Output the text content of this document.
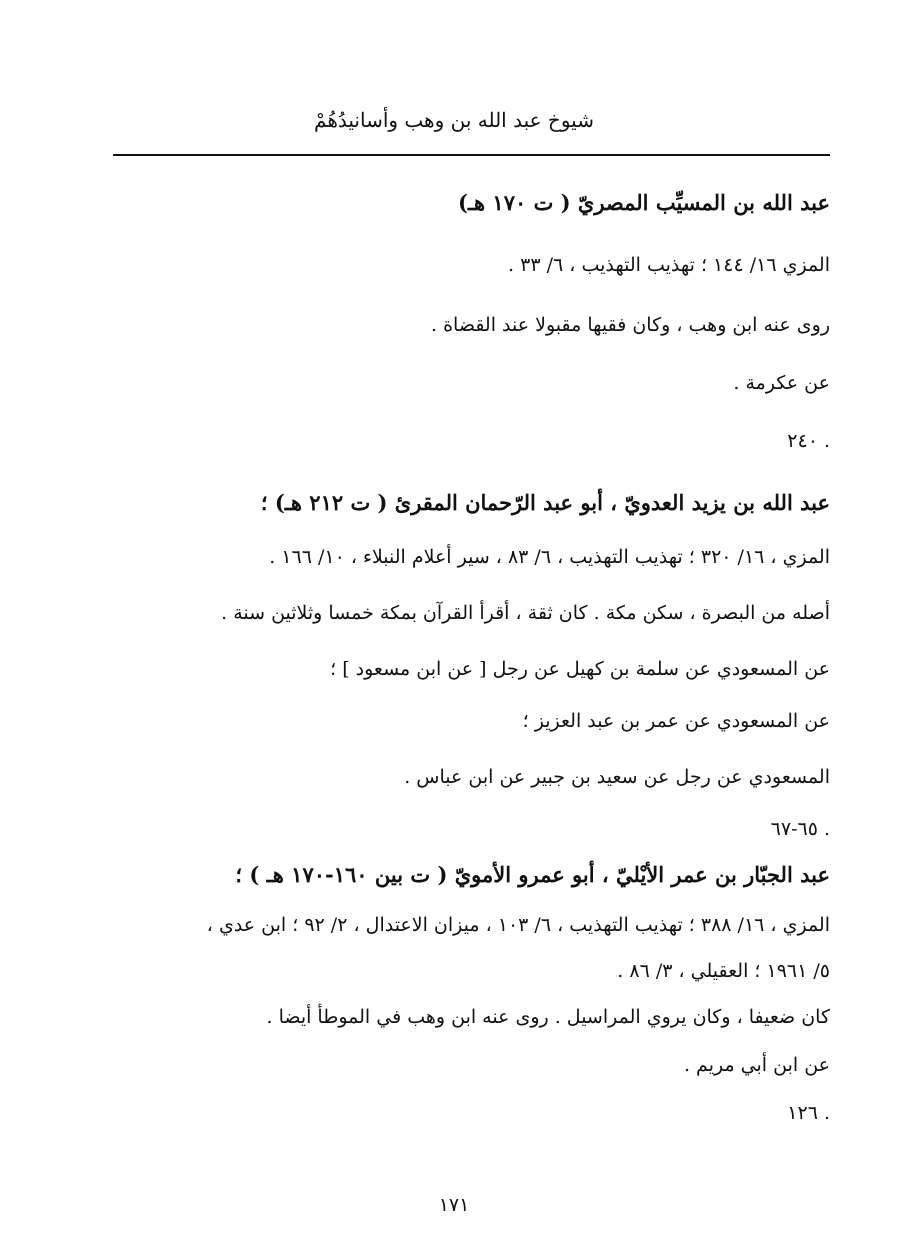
شيوخ عبد الله بن وهب وأسانيدُهُمْ
عبد الله بن المسيِّب المصريّ ( ت ١٧٠ هـ)
المزي ١٦/ ١٤٤ ؛ تهذيب التهذيب ، ٦/ ٣٣ .
روى عنه ابن وهب ، وكان فقيها مقبولا عند القضاة .
عن عكرمة .
. ٢٤٠
عبد الله بن يزيد العدويّ ، أبو عبد الرّحمان المقرئ ( ت ٢١٢ هـ) ؛
المزي ، ١٦/ ٣٢٠ ؛ تهذيب التهذيب ، ٦/ ٨٣ ، سير أعلام النبلاء ، ١٠/ ١٦٦ .
أصله من البصرة ، سكن مكة . كان ثقة ، أقرأ القرآن بمكة خمسا وثلاثين سنة .
عن المسعودي عن سلمة بن كهيل عن رجل [ عن ابن مسعود ] ؛
عن المسعودي عن عمر بن عبد العزيز ؛
المسعودي عن رجل عن سعيد بن جبير عن ابن عباس .
. ٦٥-٦٧
عبد الجبّار بن عمر الأيْليّ ، أبو عمرو الأمويّ ( ت بين ١٦٠-١٧٠ هـ ) ؛
المزي ، ١٦/ ٣٨٨ ؛ تهذيب التهذيب ، ٦/ ١٠٣ ، ميزان الاعتدال ، ٢/ ٩٢ ؛ ابن عدي ،
٥/ ١٩٦١ ؛ العقيلي ، ٣/ ٨٦ .
كان ضعيفا ، وكان يروي المراسيل . روى عنه ابن وهب في الموطأ أيضا .
عن ابن أبي مريم .
. ١٢٦
١٧١
